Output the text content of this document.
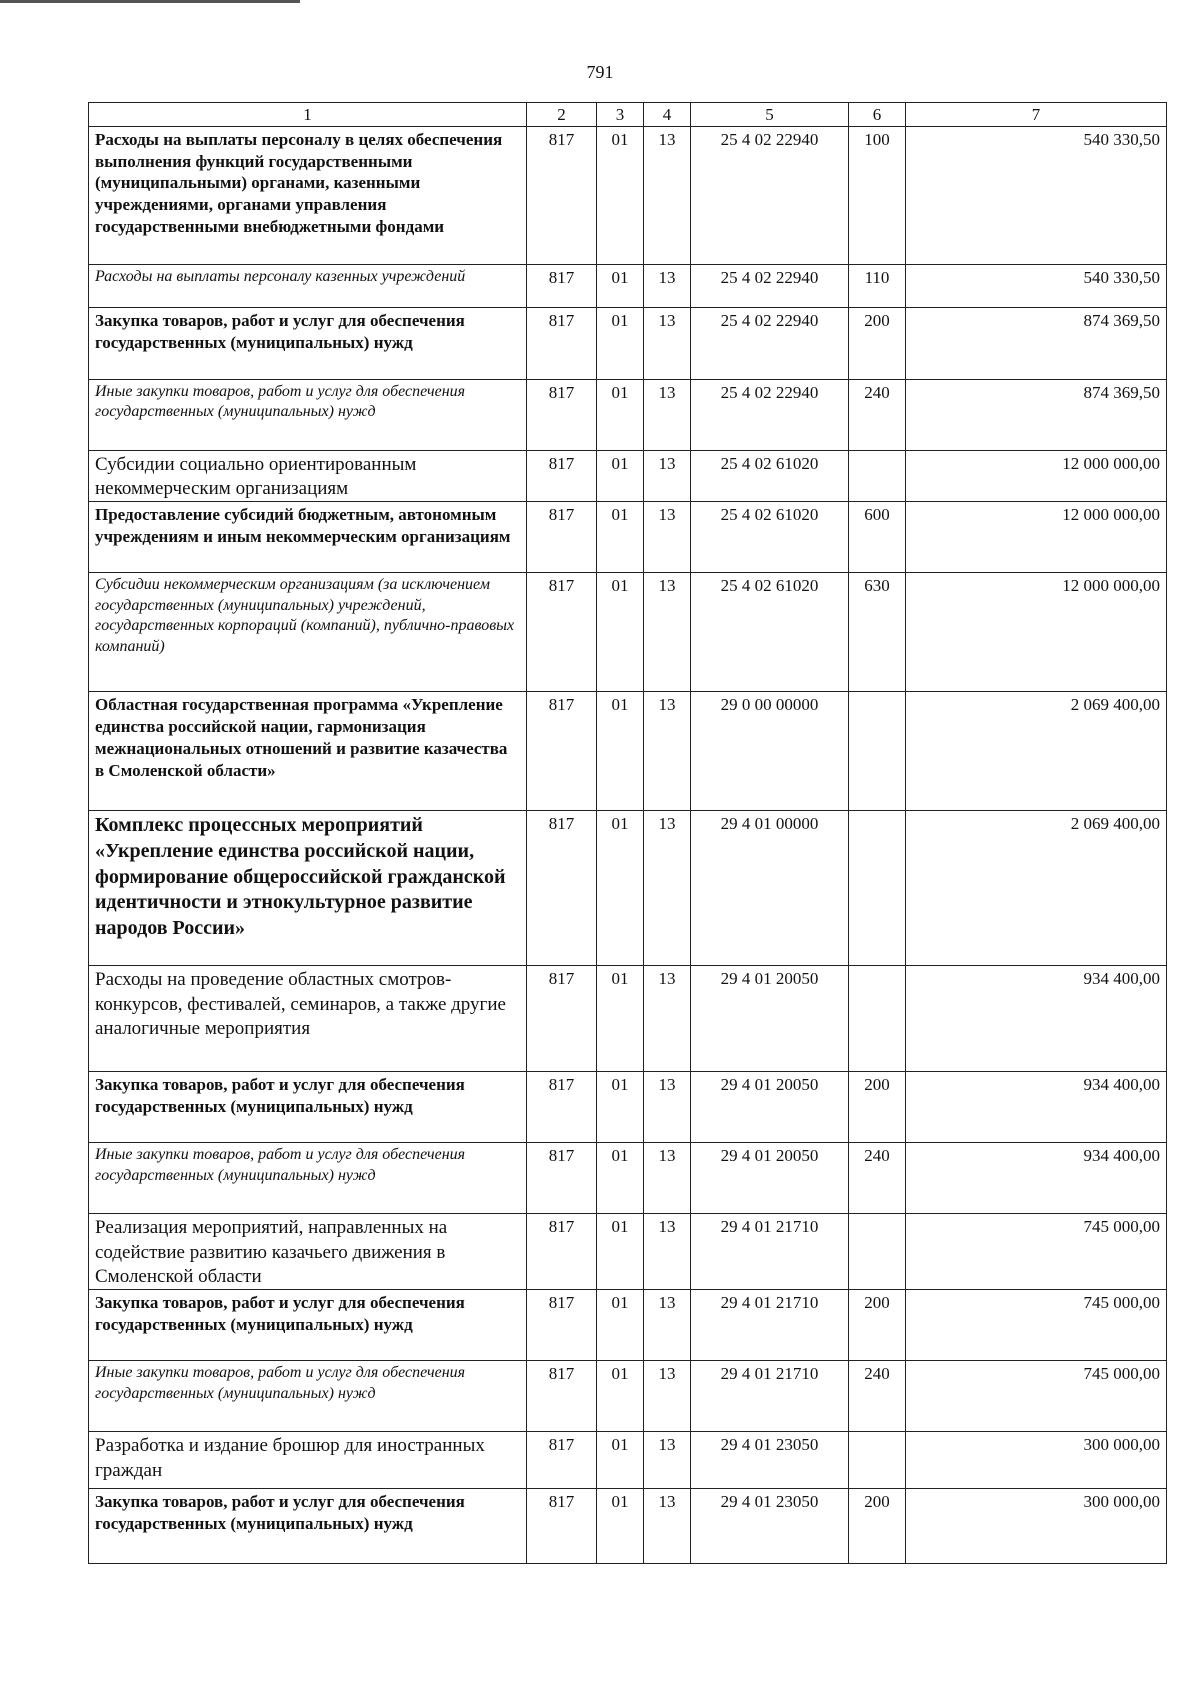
791
1	2	3	4	5	6	7
Расходы на выплаты персоналу в целях обеспечения выполнения функций государственными (муниципальными) органами, казенными учреждениями, органами управления государственными внебюджетными фондами	817	01	13	25 4 02 22940	100	540 330,50
Расходы на выплаты персоналу казенных учреждений	817	01	13	25 4 02 22940	110	540 330,50
Закупка товаров, работ и услуг для обеспечения государственных (муниципальных) нужд	817	01	13	25 4 02 22940	200	874 369,50
Иные закупки товаров, работ и услуг для обеспечения государственных (муниципальных) нужд	817	01	13	25 4 02 22940	240	874 369,50
Субсидии социально ориентированным некоммерческим организациям	817	01	13	25 4 02 61020		12 000 000,00
Предоставление субсидий бюджетным, автономным учреждениям и иным некоммерческим организациям	817	01	13	25 4 02 61020	600	12 000 000,00
Субсидии некоммерческим организациям (за исключением государственных (муниципальных) учреждений, государственных корпораций (компаний), публично-правовых компаний)	817	01	13	25 4 02 61020	630	12 000 000,00
Областная государственная программа «Укрепление единства российской нации, гармонизация межнациональных отношений и развитие казачества в Смоленской области»	817	01	13	29 0 00 00000		2 069 400,00
Комплекс процессных мероприятий «Укрепление единства российской нации, формирование общероссийской гражданской идентичности и этнокультурное развитие народов России»	817	01	13	29 4 01 00000		2 069 400,00
Расходы на проведение областных смотров-конкурсов, фестивалей, семинаров, а также другие аналогичные мероприятия	817	01	13	29 4 01 20050		934 400,00
Закупка товаров, работ и услуг для обеспечения государственных (муниципальных) нужд	817	01	13	29 4 01 20050	200	934 400,00
Иные закупки товаров, работ и услуг для обеспечения государственных (муниципальных) нужд	817	01	13	29 4 01 20050	240	934 400,00
Реализация мероприятий, направленных на содействие развитию казачьего движения в Смоленской области	817	01	13	29 4 01 21710		745 000,00
Закупка товаров, работ и услуг для обеспечения государственных (муниципальных) нужд	817	01	13	29 4 01 21710	200	745 000,00
Иные закупки товаров, работ и услуг для обеспечения государственных (муниципальных) нужд	817	01	13	29 4 01 21710	240	745 000,00
Разработка и издание брошюр для иностранных граждан	817	01	13	29 4 01 23050		300 000,00
Закупка товаров, работ и услуг для обеспечения государственных (муниципальных) нужд	817	01	13	29 4 01 23050	200	300 000,00
